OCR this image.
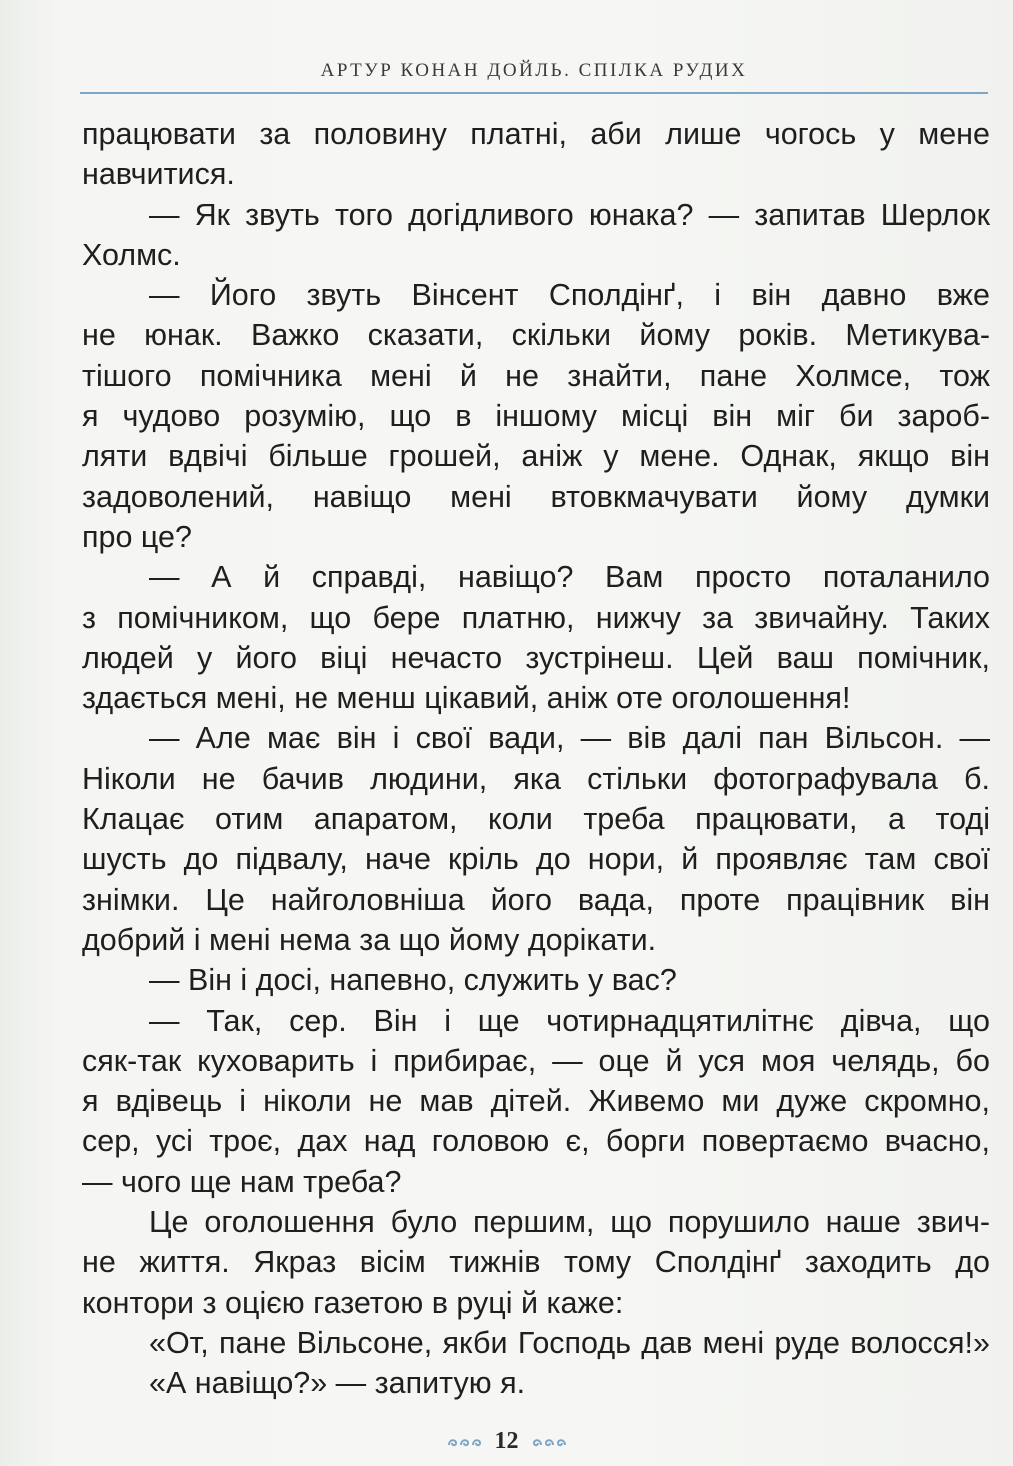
АРТУР КОНАН ДОЙЛЬ. СПІЛКА РУДИХ
працювати за половину платні, аби лише чогось у мене
навчитися.
— Як звуть того догідливого юнака? — запитав Шерлок
Холмс.
— Його звуть Вінсент Сполдінґ, і він давно вже
не юнак. Важко сказати, скільки йому років. Метикува-
тішого помічника мені й не знайти, пане Холмсе, тож
я чудово розумію, що в іншому місці він міг би зароб-
ляти вдвічі більше грошей, аніж у мене. Однак, якщо він
задоволений, навіщо мені втовкмачувати йому думки
про це?
— А й справді, навіщо? Вам просто поталанило
з помічником, що бере платню, нижчу за звичайну. Таких
людей у його віці нечасто зустрінеш. Цей ваш помічник,
здається мені, не менш цікавий, аніж оте оголошення!
— Але має він і свої вади, — вів далі пан Вільсон. —
Ніколи не бачив людини, яка стільки фотографувала б.
Клацає отим апаратом, коли треба працювати, а тоді
шусть до підвалу, наче кріль до нори, й проявляє там свої
знімки. Це найголовніша його вада, проте працівник він
добрий і мені нема за що йому дорікати.
— Він і досі, напевно, служить у вас?
— Так, сер. Він і ще чотирнадцятилітнє дівча, що
сяк-так куховарить і прибирає, — оце й уся моя челядь, бо
я вдівець і ніколи не мав дітей. Живемо ми дуже скромно,
сер, усі троє, дах над головою є, борги повертаємо вчасно,
— чого ще нам треба?
Це оголошення було першим, що порушило наше звич-
не життя. Якраз вісім тижнів тому Сполдінґ заходить до
контори з оцією газетою в руці й каже:
«От, пане Вільсоне, якби Господь дав мені руде волосся!»
«А навіщо?» — запитую я.
12
